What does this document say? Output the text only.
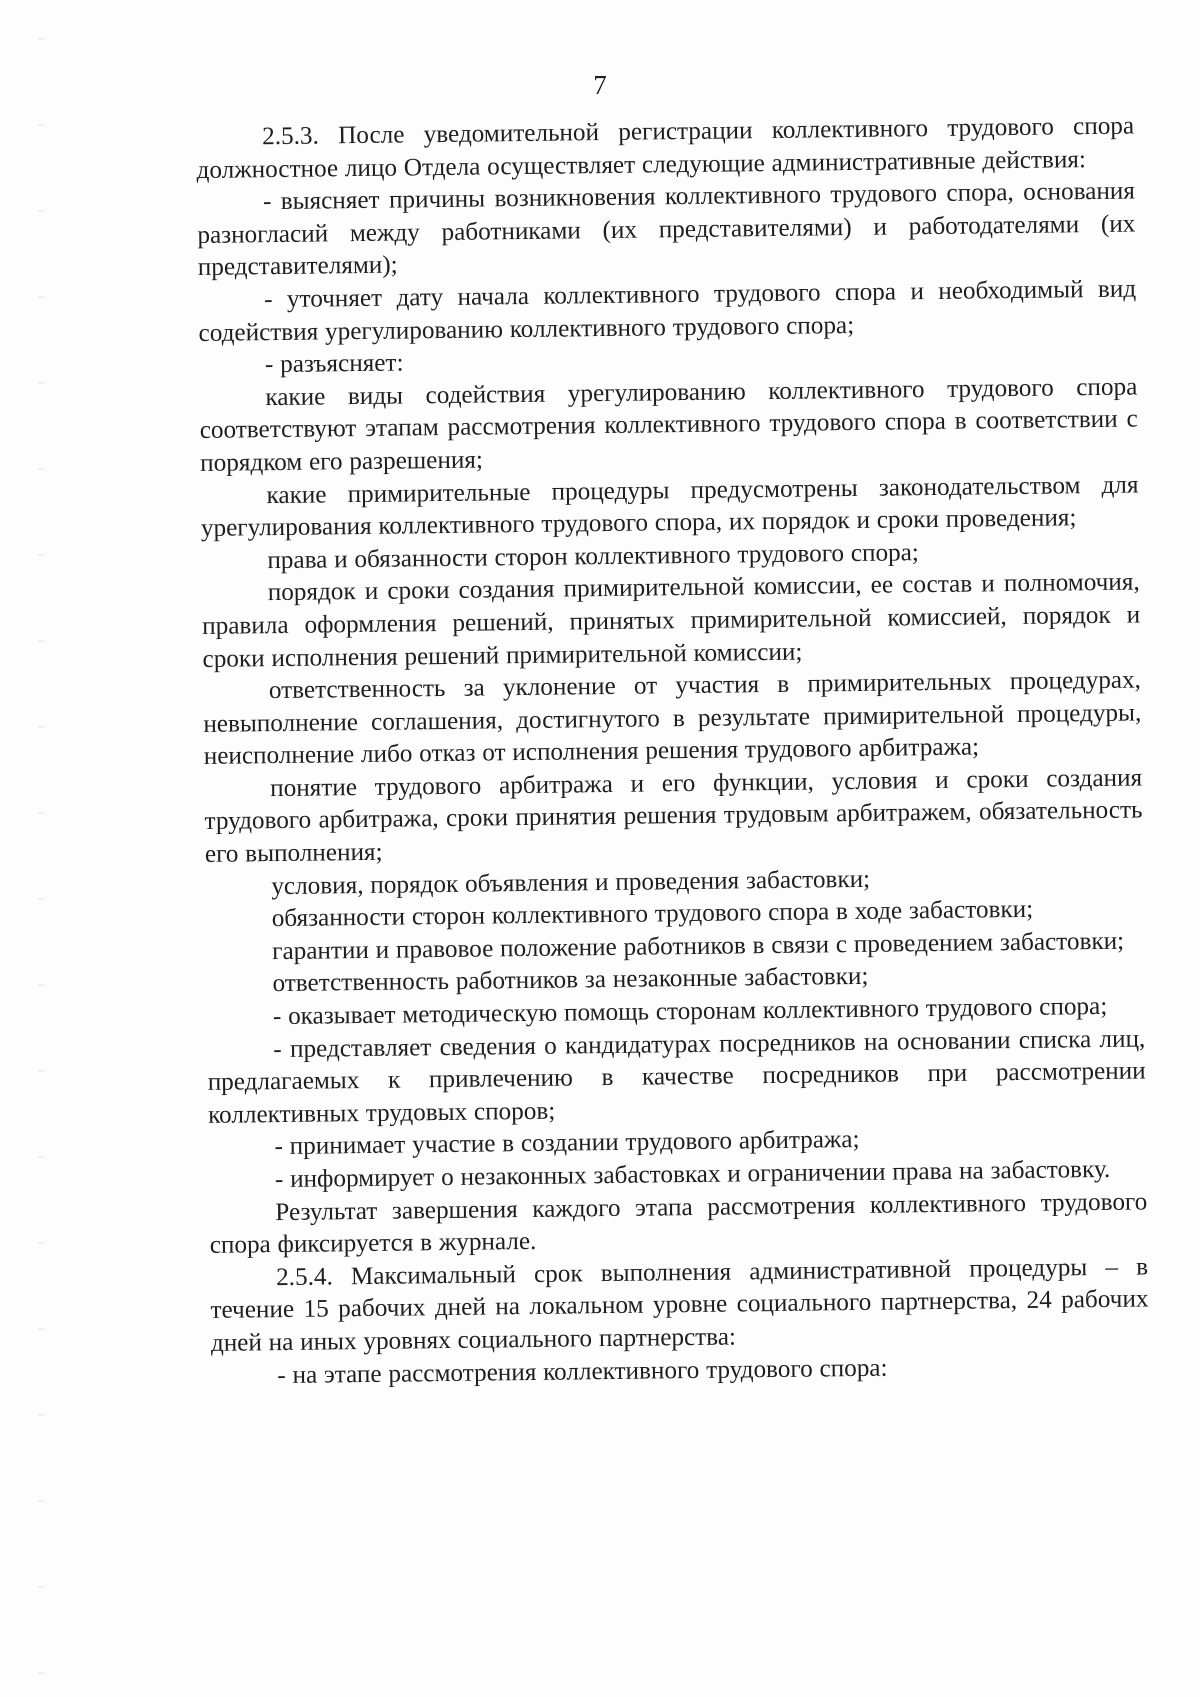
7

2.5.3. После уведомительной регистрации коллективного трудового спора должностное лицо Отдела осуществляет следующие административные действия:

- выясняет причины возникновения коллективного трудового спора, основания разногласий между работниками (их представителями) и работодателями (их представителями);

- уточняет дату начала коллективного трудового спора и необходимый вид содействия урегулированию коллективного трудового спора;

- разъясняет:

какие виды содействия урегулированию коллективного трудового спора соответствуют этапам рассмотрения коллективного трудового спора в соответствии с порядком его разрешения;

какие примирительные процедуры предусмотрены законодательством для урегулирования коллективного трудового спора, их порядок и сроки проведения;

права и обязанности сторон коллективного трудового спора;

порядок и сроки создания примирительной комиссии, ее состав и полномочия, правила оформления решений, принятых примирительной комиссией, порядок и сроки исполнения решений примирительной комиссии;

ответственность за уклонение от участия в примирительных процедурах, невыполнение соглашения, достигнутого в результате примирительной процедуры, неисполнение либо отказ от исполнения решения трудового арбитража;

понятие трудового арбитража и его функции, условия и сроки создания трудового арбитража, сроки принятия решения трудовым арбитражем, обязательность его выполнения;

условия, порядок объявления и проведения забастовки;

обязанности сторон коллективного трудового спора в ходе забастовки;

гарантии и правовое положение работников в связи с проведением забастовки;

ответственность работников за незаконные забастовки;

- оказывает методическую помощь сторонам коллективного трудового спора;

- представляет сведения о кандидатурах посредников на основании списка лиц, предлагаемых к привлечению в качестве посредников при рассмотрении коллективных трудовых споров;

- принимает участие в создании трудового арбитража;

- информирует о незаконных забастовках и ограничении права на забастовку.

Результат завершения каждого этапа рассмотрения коллективного трудового спора фиксируется в журнале.

2.5.4. Максимальный срок выполнения административной процедуры – в течение 15 рабочих дней на локальном уровне социального партнерства, 24 рабочих дней на иных уровнях социального партнерства:

- на этапе рассмотрения коллективного трудового спора:
